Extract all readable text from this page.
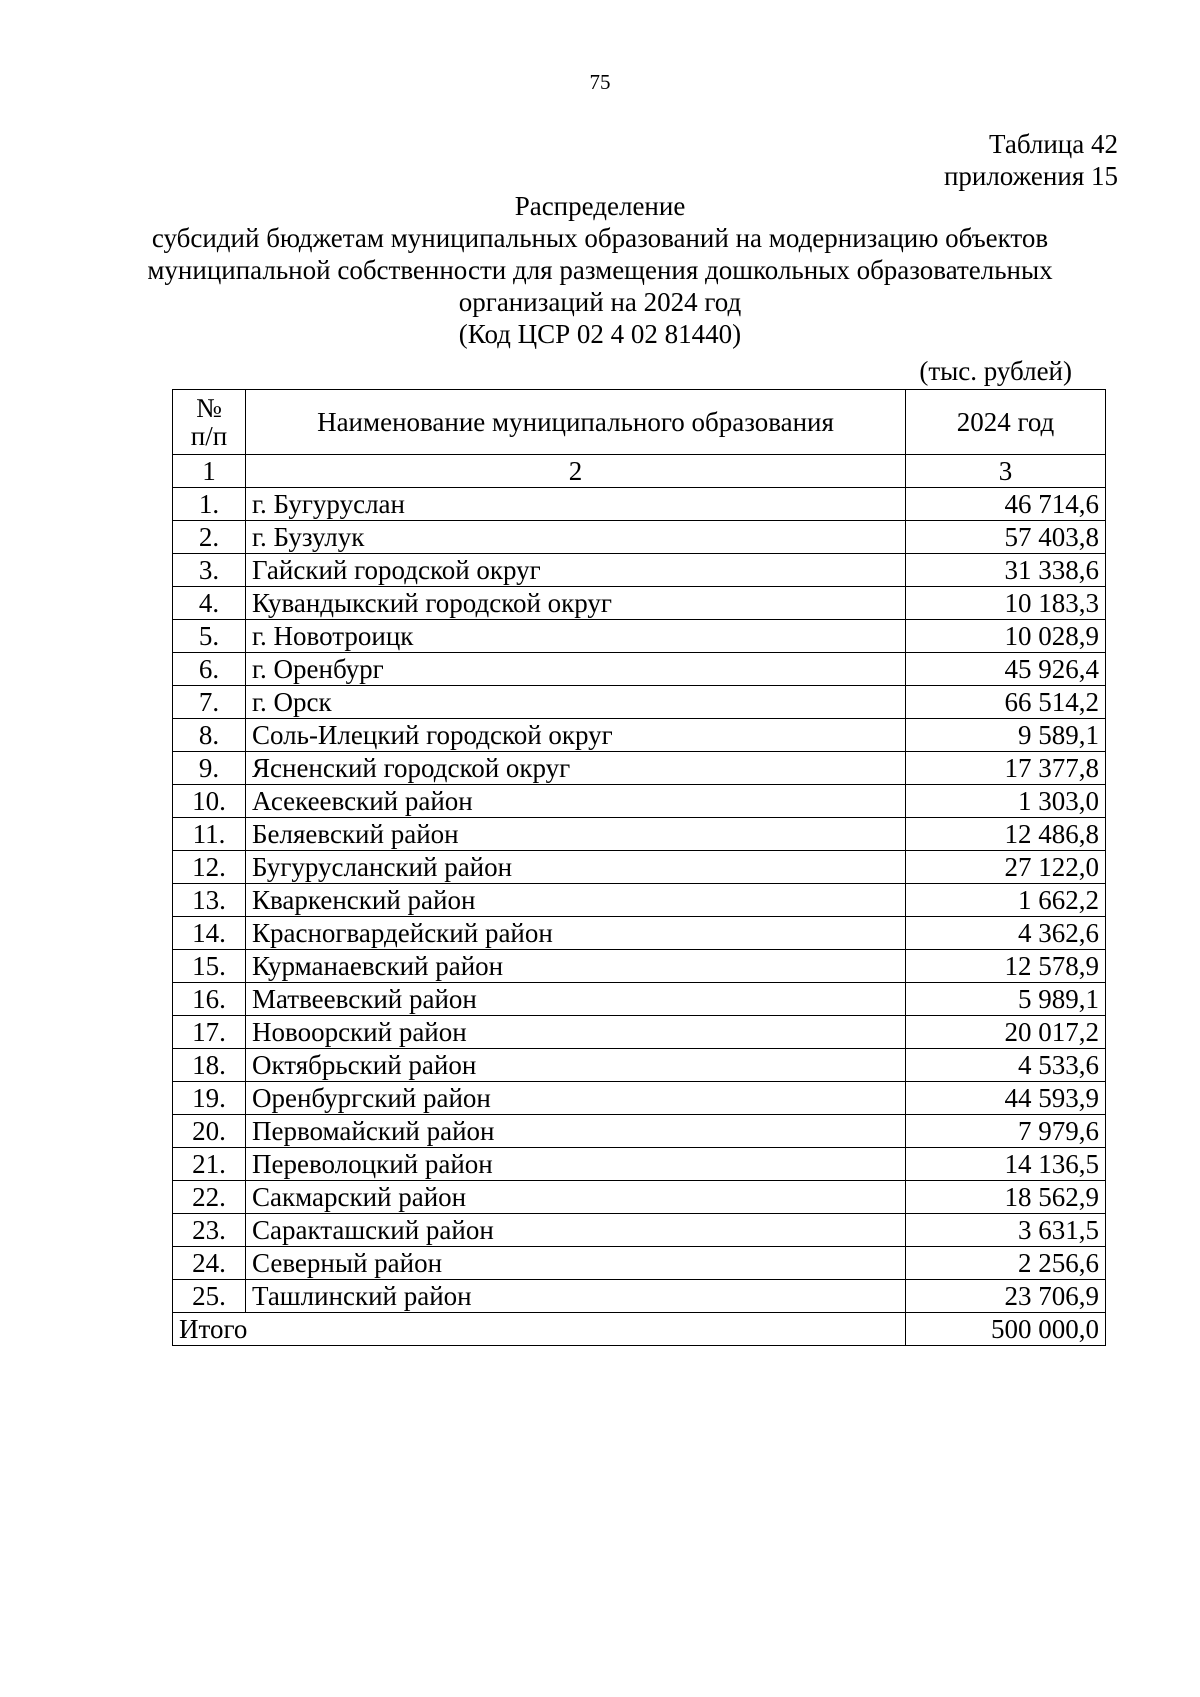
75
Таблица 42
приложения 15
Распределение
субсидий бюджетам муниципальных образований на модернизацию объектов
муниципальной собственности для размещения дошкольных образовательных
организаций на 2024 год
(Код ЦСР 02 4 02 81440)
(тыс. рублей)
№
п/п	Наименование муниципального образования	2024 год
1	2	3
1.	г. Бугуруслан	46 714,6
2.	г. Бузулук	57 403,8
3.	Гайский городской округ	31 338,6
4.	Кувандыкский городской округ	10 183,3
5.	г. Новотроицк	10 028,9
6.	г. Оренбург	45 926,4
7.	г. Орск	66 514,2
8.	Соль-Илецкий городской округ	9 589,1
9.	Ясненский городской округ	17 377,8
10.	Асекеевский район	1 303,0
11.	Беляевский район	12 486,8
12.	Бугурусланский район	27 122,0
13.	Кваркенский район	1 662,2
14.	Красногвардейский район	4 362,6
15.	Курманаевский район	12 578,9
16.	Матвеевский район	5 989,1
17.	Новоорский район	20 017,2
18.	Октябрьский район	4 533,6
19.	Оренбургский район	44 593,9
20.	Первомайский район	7 979,6
21.	Переволоцкий район	14 136,5
22.	Сакмарский район	18 562,9
23.	Саракташский район	3 631,5
24.	Северный район	2 256,6
25.	Ташлинский район	23 706,9
Итого		500 000,0
